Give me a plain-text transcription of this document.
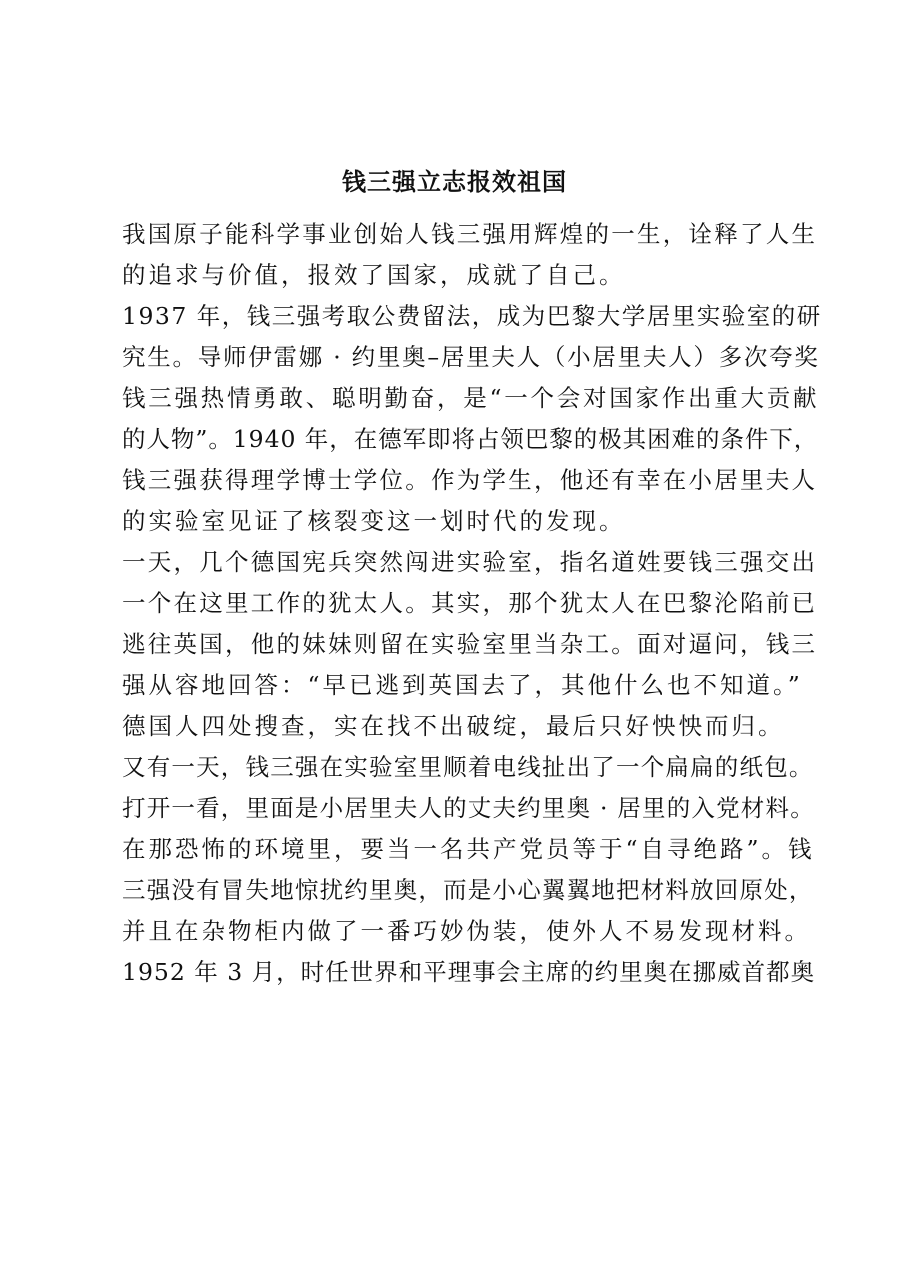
钱三强立志报效祖国
我国原子能科学事业创始人钱三强用辉煌的一生，诠释了人生
的追求与价值，报效了国家，成就了自己。
1937 年，钱三强考取公费留法，成为巴黎大学居里实验室的研
究生。导师伊雷娜 · 约里奥–居里夫人（小居里夫人）多次夸奖
钱三强热情勇敢、聪明勤奋，是“一个会对国家作出重大贡献
的人物”。1940 年，在德军即将占领巴黎的极其困难的条件下，
钱三强获得理学博士学位。作为学生，他还有幸在小居里夫人
的实验室见证了核裂变这一划时代的发现。
一天，几个德国宪兵突然闯进实验室，指名道姓要钱三强交出
一个在这里工作的犹太人。其实，那个犹太人在巴黎沦陷前已
逃往英国，他的妹妹则留在实验室里当杂工。面对逼问，钱三
强从容地回答：“早已逃到英国去了，其他什么也不知道。”
德国人四处搜查，实在找不出破绽，最后只好怏怏而归。
又有一天，钱三强在实验室里顺着电线扯出了一个扁扁的纸包。
打开一看，里面是小居里夫人的丈夫约里奥 · 居里的入党材料。
在那恐怖的环境里，要当一名共产党员等于“自寻绝路”。钱
三强没有冒失地惊扰约里奥，而是小心翼翼地把材料放回原处，
并且在杂物柜内做了一番巧妙伪装，使外人不易发现材料。
1952 年 3 月，时任世界和平理事会主席的约里奥在挪威首都奥
